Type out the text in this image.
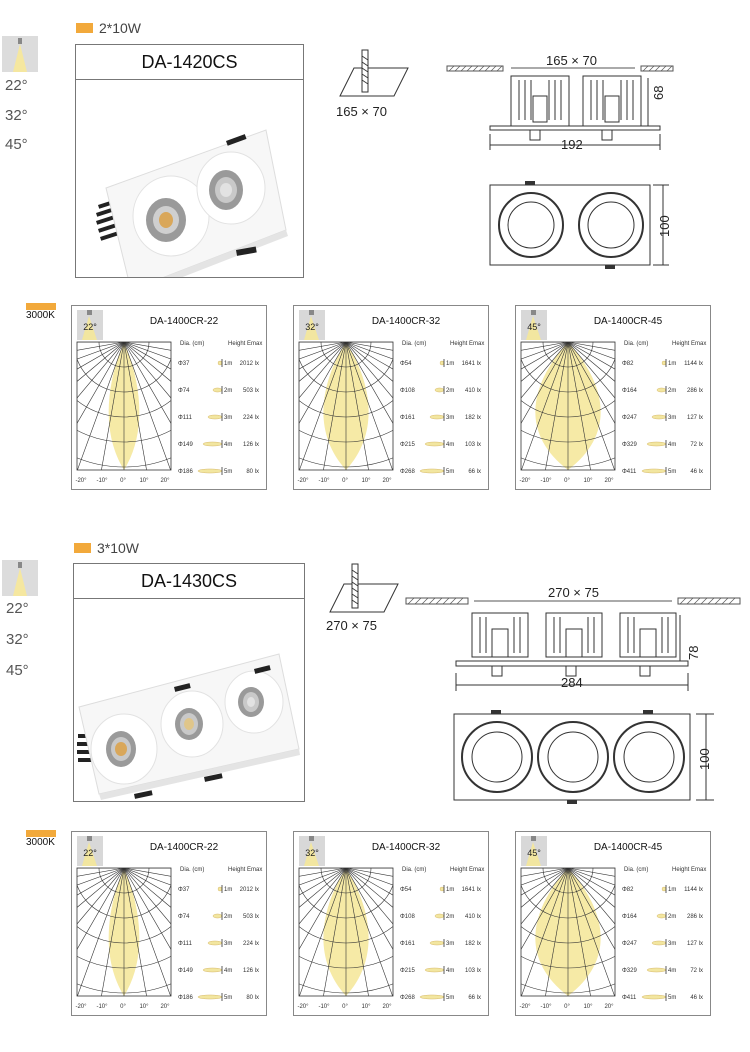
2*10W
22°
32°
45°
DA-1420CS
165 × 70
165 × 70
68
192
100
3000K
22°	DA-1400CR-22
-20° -10° 0° 10° 20°
Dia. (cm)	Height Emax
Φ37	1m 2012 lx
Φ74	2m 503 lx
Φ111	3m 224 lx
Φ149	4m 126 lx
Φ186	5m 80 lx
32°	DA-1400CR-32
-20° -10° 0° 10° 20°
Dia. (cm)	Height Emax
Φ54	1m 1641 lx
Φ108	2m 410 lx
Φ161	3m 182 lx
Φ215	4m 103 lx
Φ268	5m 66 lx
45°	DA-1400CR-45
-20° -10° 0° 10° 20°
Dia. (cm)	Height Emax
Φ82	1m 1144 lx
Φ164	2m 286 lx
Φ247	3m 127 lx
Φ329	4m 72 lx
Φ411	5m 46 lx
3*10W
22°
32°
45°
DA-1430CS
270 × 75
270 × 75
78
284
100
3000K
22°	DA-1400CR-22
-20° -10° 0° 10° 20°
Dia. (cm)	Height Emax
Φ37	1m 2012 lx
Φ74	2m 503 lx
Φ111	3m 224 lx
Φ149	4m 126 lx
Φ186	5m 80 lx
32°	DA-1400CR-32
-20° -10° 0° 10° 20°
Dia. (cm)	Height Emax
Φ54	1m 1641 lx
Φ108	2m 410 lx
Φ161	3m 182 lx
Φ215	4m 103 lx
Φ268	5m 66 lx
45°	DA-1400CR-45
-20° -10° 0° 10° 20°
Dia. (cm)	Height Emax
Φ82	1m 1144 lx
Φ164	2m 286 lx
Φ247	3m 127 lx
Φ329	4m 72 lx
Φ411	5m 46 lx
